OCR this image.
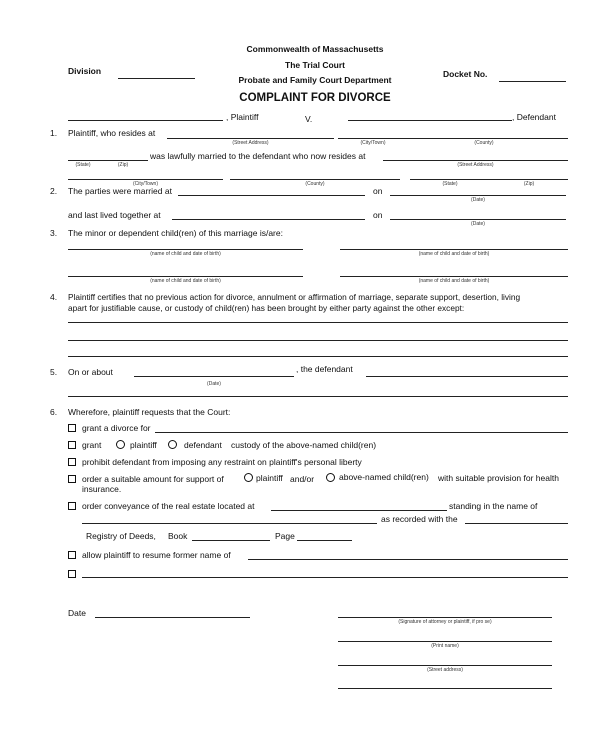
Commonwealth of Massachusetts
The Trial Court
Probate and Family Court Department
Division	Docket No.
COMPLAINT FOR DIVORCE
, Plaintiff	V.	, Defendant
1. Plaintiff, who resides at
(Street Address)	(City/Town)	(County)
(State)	(Zip)
was lawfully married to the defendant who now resides at
(Street Address)
(City/Town)	(County)	(State)	(Zip)
2. The parties were married at	on
(Date)
and last lived together at	on
(Date)
3. The minor or dependent child(ren) of this marriage is/are:
(name of child and date of birth)	(name of child and date of birth)
(name of child and date of birth)	(name of child and date of birth)
4. Plaintiff certifies that no previous action for divorce, annulment or affirmation of marriage, separate support, desertion, living
apart for justifiable cause, or custody of child(ren) has been brought by either party against the other except:
5. On or about
(Date)
, the defendant
6. Wherefore, plaintiff requests that the Court:
grant a divorce for
grant	plaintiff	defendant custody of the above-named child(ren)
prohibit defendant from imposing any restraint on plaintiff's personal liberty
order a suitable amount for support of	plaintiff and/or	above-named child(ren) with suitable provision for health
insurance.
order conveyance of the real estate located at	standing in the name of
as recorded with the
Registry of Deeds, Book	Page
allow plaintiff to resume former name of
Date
(Signature of attorney or plaintiff, if pro se)
(Print name)
(Street address)
